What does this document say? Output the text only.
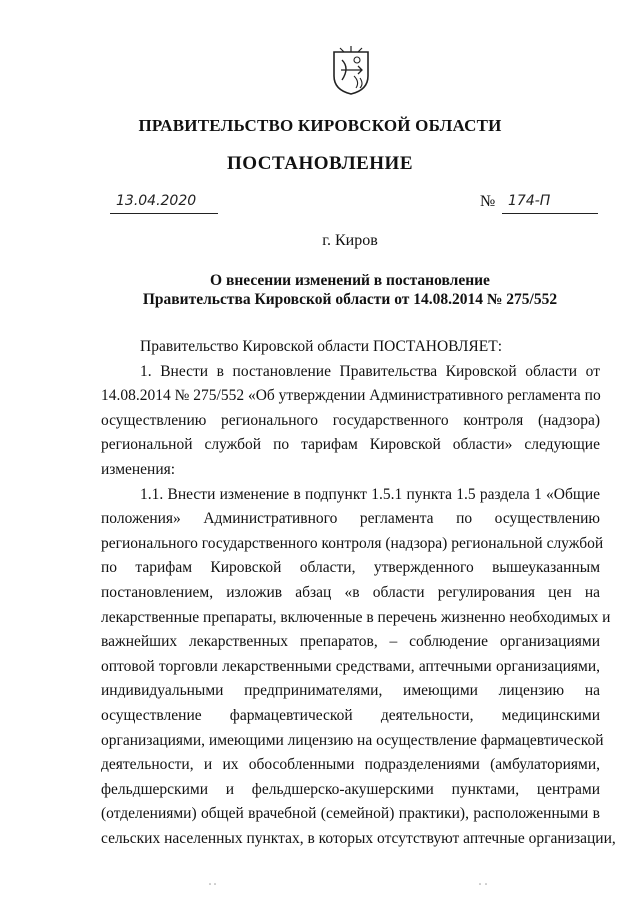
ПРАВИТЕЛЬСТВО КИРОВСКОЙ ОБЛАСТИ
ПОСТАНОВЛЕНИЕ
13.04.2020	№ 174-П
г. Киров
О внесении изменений в постановление
Правительства Кировской области от 14.08.2014 № 275/552
Правительство Кировской области ПОСТАНОВЛЯЕТ:
1. Внести в постановление Правительства Кировской области от
14.08.2014 № 275/552 «Об утверждении Административного регламента по
осуществлению регионального государственного контроля (надзора)
региональной службой по тарифам Кировской области» следующие
изменения:
1.1. Внести изменение в подпункт 1.5.1 пункта 1.5 раздела 1 «Общие
положения» Административного регламента по осуществлению
регионального государственного контроля (надзора) региональной службой
по тарифам Кировской области, утвержденного вышеуказанным
постановлением, изложив абзац «в области регулирования цен на
лекарственные препараты, включенные в перечень жизненно необходимых и
важнейших лекарственных препаратов, – соблюдение организациями
оптовой торговли лекарственными средствами, аптечными организациями,
индивидуальными предпринимателями, имеющими лицензию на
осуществление фармацевтической деятельности, медицинскими
организациями, имеющими лицензию на осуществление фармацевтической
деятельности, и их обособленными подразделениями (амбулаториями,
фельдшерскими и фельдшерско-акушерскими пунктами, центрами
(отделениями) общей врачебной (семейной) практики), расположенными в
сельских населенных пунктах, в которых отсутствуют аптечные организации,
